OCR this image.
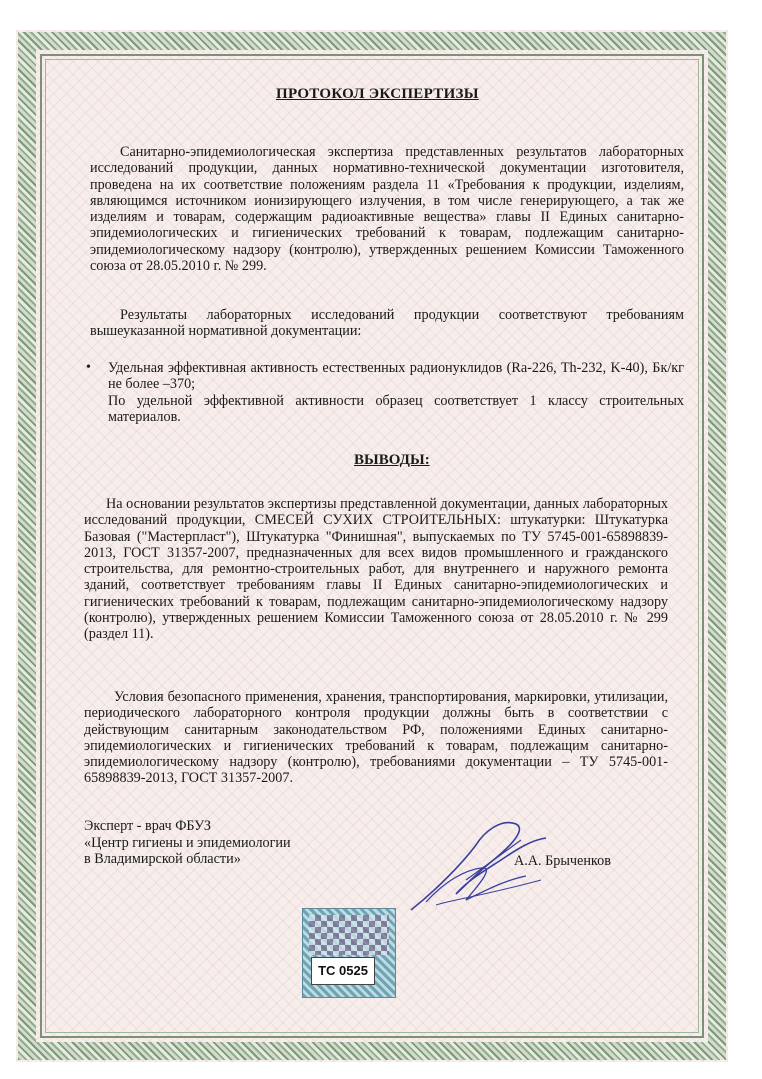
ПРОТОКОЛ ЭКСПЕРТИЗЫ
Санитарно-эпидемиологическая экспертиза представленных результатов лабораторных исследований продукции, данных нормативно-технической документации изготовителя, проведена на их соответствие положениям раздела 11 «Требования к продукции, изделиям, являющимся источником ионизирующего излучения, в том числе генерирующего, а так же изделиям и товарам, содержащим радиоактивные вещества» главы II Единых санитарно-эпидемиологических и гигиенических требований к товарам, подлежащим санитарно-эпидемиологическому надзору (контролю), утвержденных решением Комиссии Таможенного союза от 28.05.2010 г. № 299.
Результаты лабораторных исследований продукции соответствуют требованиям вышеуказанной нормативной документации:
• Удельная эффективная активность естественных радионуклидов (Ra-226, Th-232, K-40), Бк/кг не более –370;
По удельной эффективной активности образец соответствует 1 классу строительных материалов.
ВЫВОДЫ:
На основании результатов экспертизы представленной документации, данных лабораторных исследований продукции, СМЕСЕЙ СУХИХ СТРОИТЕЛЬНЫХ: штукатурки: Штукатурка Базовая ("Мастерпласт"), Штукатурка "Финишная", выпускаемых по ТУ 5745-001-65898839-2013, ГОСТ 31357-2007, предназначенных для всех видов промышленного и гражданского строительства, для ремонтно-строительных работ, для внутреннего и наружного ремонта зданий, соответствует требованиям главы II Единых санитарно-эпидемиологических и гигиенических требований к товарам, подлежащим санитарно-эпидемиологическому надзору (контролю), утвержденных решением Комиссии Таможенного союза от 28.05.2010 г. № 299 (раздел 11).
Условия безопасного применения, хранения, транспортирования, маркировки, утилизации, периодического лабораторного контроля продукции должны быть в соответствии с действующим санитарным законодательством РФ, положениями Единых санитарно-эпидемиологических и гигиенических требований к товарам, подлежащим санитарно-эпидемиологическому надзору (контролю), требованиями документации – ТУ 5745-001-65898839-2013, ГОСТ 31357-2007.
Эксперт - врач ФБУЗ
«Центр гигиены и эпидемиологии
в Владимирской области»	А.А. Брыченков
ТС 0525
